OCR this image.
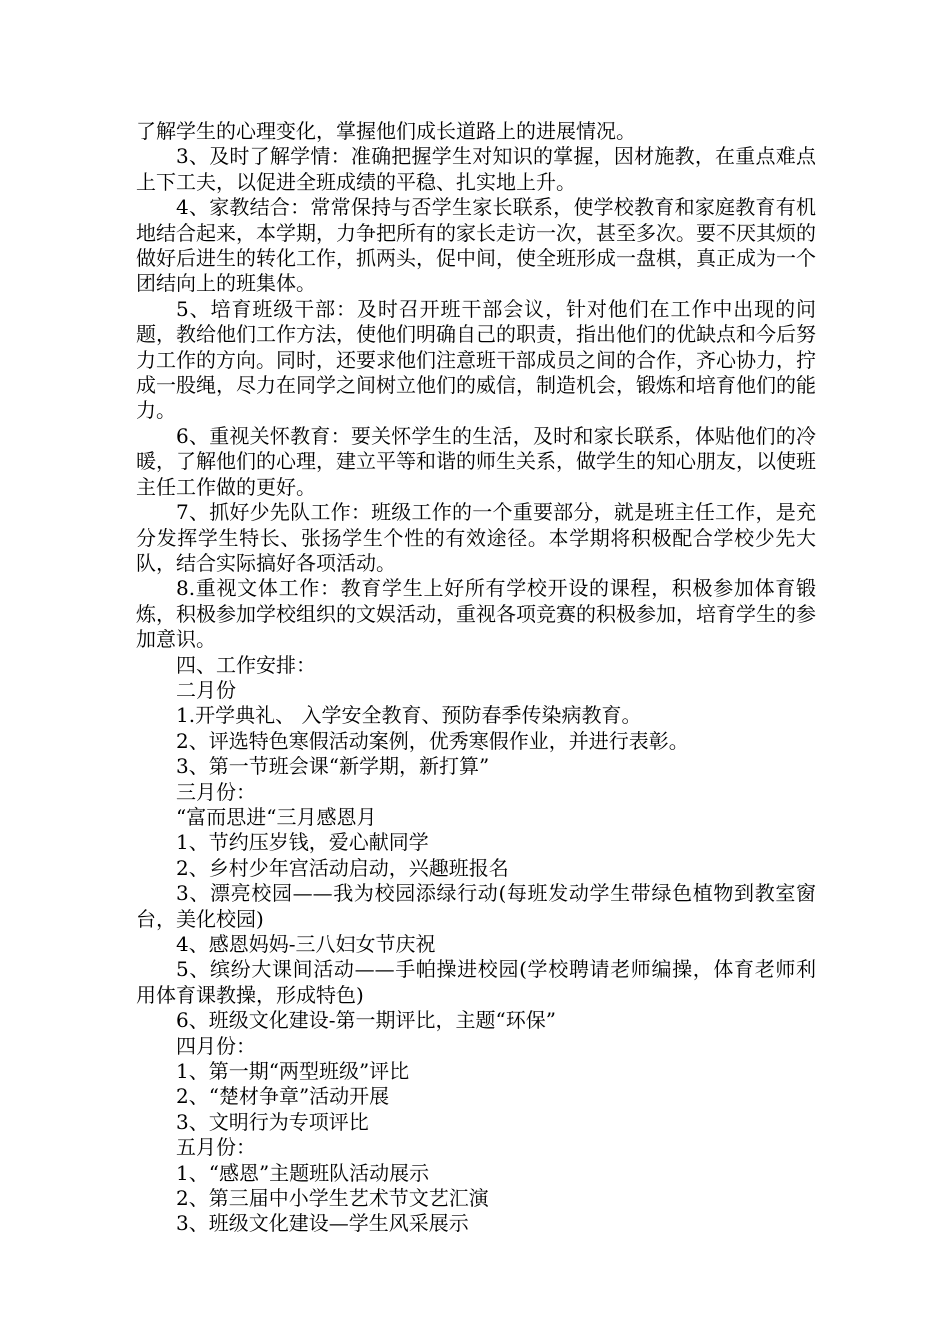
了解学生的心理变化，掌握他们成长道路上的进展情况。

3、及时了解学情：准确把握学生对知识的掌握，因材施教，在重点难点上下工夫，以促进全班成绩的平稳、扎实地上升。

4、家教结合：常常保持与否学生家长联系，使学校教育和家庭教育有机地结合起来，本学期，力争把所有的家长走访一次，甚至多次。要不厌其烦的做好后进生的转化工作，抓两头，促中间，使全班形成一盘棋，真正成为一个团结向上的班集体。

5、培育班级干部：及时召开班干部会议，针对他们在工作中出现的问题，教给他们工作方法，使他们明确自己的职责，指出他们的优缺点和今后努力工作的方向。同时，还要求他们注意班干部成员之间的合作，齐心协力，拧成一股绳，尽力在同学之间树立他们的威信，制造机会，锻炼和培育他们的能力。

6、重视关怀教育：要关怀学生的生活，及时和家长联系，体贴他们的冷暖，了解他们的心理，建立平等和谐的师生关系，做学生的知心朋友，以使班主任工作做的更好。

7、抓好少先队工作：班级工作的一个重要部分，就是班主任工作，是充分发挥学生特长、张扬学生个性的有效途径。本学期将积极配合学校少先大队，结合实际搞好各项活动。

8.重视文体工作：教育学生上好所有学校开设的课程，积极参加体育锻炼，积极参加学校组织的文娱活动，重视各项竞赛的积极参加，培育学生的参加意识。

四、工作安排：

二月份

1.开学典礼、 入学安全教育、预防春季传染病教育。

2、评选特色寒假活动案例，优秀寒假作业，并进行表彰。

3、第一节班会课“新学期，新打算”

三月份：

“富而思进“三月感恩月

1、节约压岁钱，爱心献同学

2、乡村少年宫活动启动，兴趣班报名

3、漂亮校园——我为校园添绿行动(每班发动学生带绿色植物到教室窗台，美化校园)

4、感恩妈妈-三八妇女节庆祝

5、缤纷大课间活动——手帕操进校园(学校聘请老师编操，体育老师利用体育课教操，形成特色)

6、班级文化建设-第一期评比，主题“环保”

四月份：

1、第一期“两型班级”评比

2、“楚材争章”活动开展

3、文明行为专项评比

五月份：

1、“感恩”主题班队活动展示

2、第三届中小学生艺术节文艺汇演

3、班级文化建设—学生风采展示
